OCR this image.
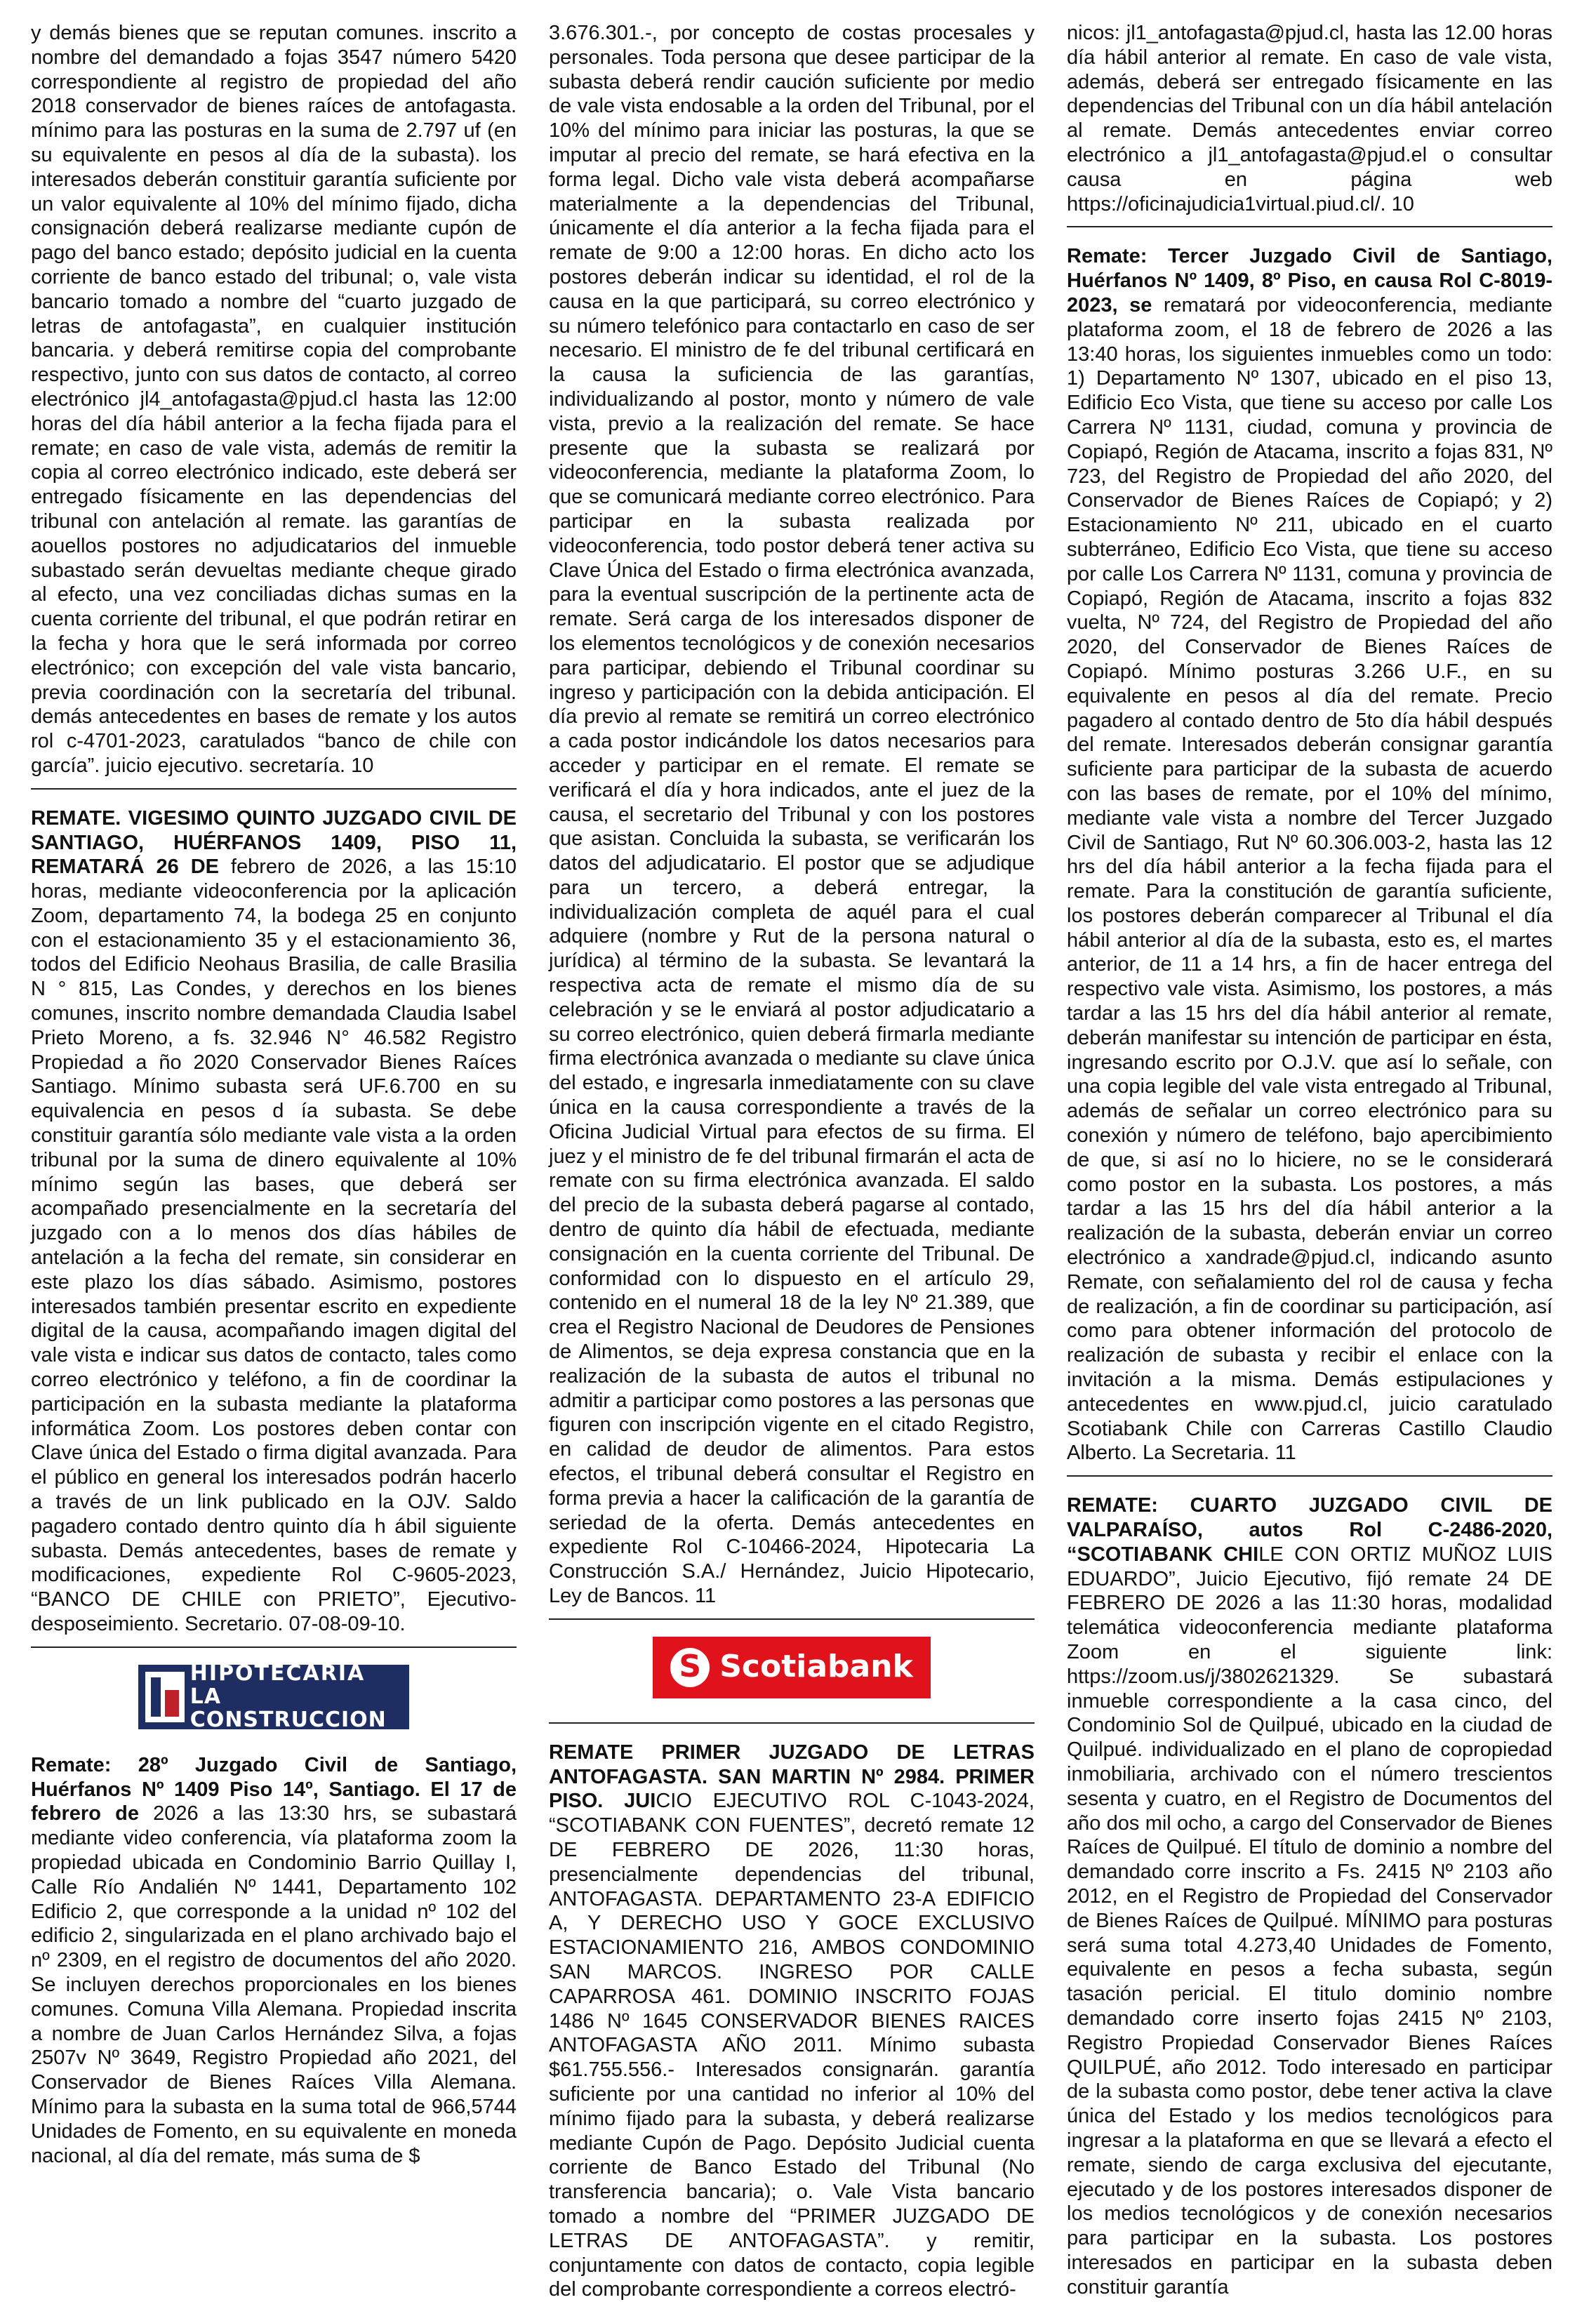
y demás bienes que se reputan comunes. inscrito a nombre del demandado a fojas 3547 número 5420 correspondiente al registro de propiedad del año 2018 conservador de bienes raíces de antofagasta. mínimo para las posturas en la suma de 2.797 uf (en su equivalente en pesos al día de la subasta). los interesados deberán constituir garantía suficiente por un valor equivalente al 10% del mínimo fijado, dicha consignación deberá realizarse mediante cupón de pago del banco estado; depósito judicial en la cuenta corriente de banco estado del tribunal; o, vale vista bancario tomado a nombre del “cuarto juzgado de letras de antofagasta”, en cualquier institución bancaria. y deberá remitirse copia del comprobante respectivo, junto con sus datos de contacto, al correo electrónico jl4_antofagasta@pjud.cl hasta las 12:00 horas del día hábil anterior a la fecha fijada para el remate; en caso de vale vista, además de remitir la copia al correo electrónico indicado, este deberá ser entregado físicamente en las dependencias del tribunal con antelación al remate. las garantías de aouellos postores no adjudicatarios del inmueble subastado serán devueltas mediante cheque girado al efecto, una vez conciliadas dichas sumas en la cuenta corriente del tribunal, el que podrán retirar en la fecha y hora que le será informada por correo electrónico; con excepción del vale vista bancario, previa coordinación con la secretaría del tribunal. demás antecedentes en bases de remate y los autos rol c-4701-2023, caratulados “banco de chile con garcía”. juicio ejecutivo. secretaría. 10

REMATE. VIGESIMO QUINTO JUZGADO CIVIL DE SANTIAGO, HUÉRFANOS 1409, PISO 11, REMATARÁ 26 DE febrero de 2026, a las 15:10 horas, mediante videoconferencia por la aplicación Zoom, departamento 74, la bodega 25 en conjunto con el estacionamiento 35 y el estacionamiento 36, todos del Edificio Neohaus Brasilia, de calle Brasilia N ° 815, Las Condes, y derechos en los bienes comunes, inscrito nombre demandada Claudia Isabel Prieto Moreno, a fs. 32.946 N° 46.582 Registro Propiedad a ño 2020 Conservador Bienes Raíces Santiago. Mínimo subasta será UF.6.700 en su equivalencia en pesos d ía subasta. Se debe constituir garantía sólo mediante vale vista a la orden tribunal por la suma de dinero equivalente al 10% mínimo según las bases, que deberá ser acompañado presencialmente en la secretaría del juzgado con a lo menos dos días hábiles de antelación a la fecha del remate, sin considerar en este plazo los días sábado. Asimismo, postores interesados también presentar escrito en expediente digital de la causa, acompañando imagen digital del vale vista e indicar sus datos de contacto, tales como correo electrónico y teléfono, a fin de coordinar la participación en la subasta mediante la plataforma informática Zoom. Los postores deben contar con Clave única del Estado o firma digital avanzada. Para el público en general los interesados podrán hacerlo a través de un link publicado en la OJV. Saldo pagadero contado dentro quinto día h ábil siguiente subasta. Demás antecedentes, bases de remate y modificaciones, expediente Rol C-9605-2023, “BANCO DE CHILE con PRIETO”, Ejecutivo-desposeimiento. Secretario. 07-08-09-10.

HIPOTECARIA
LA CONSTRUCCION

Remate: 28º Juzgado Civil de Santiago, Huérfanos Nº 1409 Piso 14º, Santiago. El 17 de febrero de 2026 a las 13:30 hrs, se subastará mediante video conferencia, vía plataforma zoom la propiedad ubicada en Condominio Barrio Quillay I, Calle Río Andalién Nº 1441, Departamento 102 Edificio 2, que corresponde a la unidad nº 102 del edificio 2, singularizada en el plano archivado bajo el nº 2309, en el registro de documentos del año 2020. Se incluyen derechos proporcionales en los bienes comunes. Comuna Villa Alemana. Propiedad inscrita a nombre de Juan Carlos Hernández Silva, a fojas 2507v Nº 3649, Registro Propiedad año 2021, del Conservador de Bienes Raíces Villa Alemana. Mínimo para la subasta en la suma total de 966,5744 Unidades de Fomento, en su equivalente en moneda nacional, al día del remate, más suma de $

3.676.301.-, por concepto de costas procesales y personales. Toda persona que desee participar de la subasta deberá rendir caución suficiente por medio de vale vista endosable a la orden del Tribunal, por el 10% del mínimo para iniciar las posturas, la que se imputar al precio del remate, se hará efectiva en la forma legal. Dicho vale vista deberá acompañarse materialmente a la dependencias del Tribunal, únicamente el día anterior a la fecha fijada para el remate de 9:00 a 12:00 horas. En dicho acto los postores deberán indicar su identidad, el rol de la causa en la que participará, su correo electrónico y su número telefónico para contactarlo en caso de ser necesario. El ministro de fe del tribunal certificará en la causa la suficiencia de las garantías, individualizando al postor, monto y número de vale vista, previo a la realización del remate. Se hace presente que la subasta se realizará por videoconferencia, mediante la plataforma Zoom, lo que se comunicará mediante correo electrónico. Para participar en la subasta realizada por videoconferencia, todo postor deberá tener activa su Clave Única del Estado o firma electrónica avanzada, para la eventual suscripción de la pertinente acta de remate. Será carga de los interesados disponer de los elementos tecnológicos y de conexión necesarios para participar, debiendo el Tribunal coordinar su ingreso y participación con la debida anticipación. El día previo al remate se remitirá un correo electrónico a cada postor indicándole los datos necesarios para acceder y participar en el remate. El remate se verificará el día y hora indicados, ante el juez de la causa, el secretario del Tribunal y con los postores que asistan. Concluida la subasta, se verificarán los datos del adjudicatario. El postor que se adjudique para un tercero, a deberá entregar, la individualización completa de aquél para el cual adquiere (nombre y Rut de la persona natural o jurídica) al término de la subasta. Se levantará la respectiva acta de remate el mismo día de su celebración y se le enviará al postor adjudicatario a su correo electrónico, quien deberá firmarla mediante firma electrónica avanzada o mediante su clave única del estado, e ingresarla inmediatamente con su clave única en la causa correspondiente a través de la Oficina Judicial Virtual para efectos de su firma. El juez y el ministro de fe del tribunal firmarán el acta de remate con su firma electrónica avanzada. El saldo del precio de la subasta deberá pagarse al contado, dentro de quinto día hábil de efectuada, mediante consignación en la cuenta corriente del Tribunal. De conformidad con lo dispuesto en el artículo 29, contenido en el numeral 18 de la ley Nº 21.389, que crea el Registro Nacional de Deudores de Pensiones de Alimentos, se deja expresa constancia que en la realización de la subasta de autos el tribunal no admitir a participar como postores a las personas que figuren con inscripción vigente en el citado Registro, en calidad de deudor de alimentos. Para estos efectos, el tribunal deberá consultar el Registro en forma previa a hacer la calificación de la garantía de seriedad de la oferta. Demás antecedentes en expediente Rol C-10466-2024, Hipotecaria La Construcción S.A./ Hernández, Juicio Hipotecario, Ley de Bancos. 11

S Scotiabank

REMATE PRIMER JUZGADO DE LETRAS ANTOFAGASTA. SAN MARTIN Nº 2984. PRIMER PISO. JUICIO EJECUTIVO ROL C-1043-2024, “SCOTIABANK CON FUENTES”, decretó remate 12 DE FEBRERO DE 2026, 11:30 horas, presencialmente dependencias del tribunal, ANTOFAGASTA. DEPARTAMENTO 23-A EDIFICIO A, Y DERECHO USO Y GOCE EXCLUSIVO ESTACIONAMIENTO 216, AMBOS CONDOMINIO SAN MARCOS. INGRESO POR CALLE CAPARROSA 461. DOMINIO INSCRITO FOJAS 1486 Nº 1645 CONSERVADOR BIENES RAICES ANTOFAGASTA AÑO 2011. Mínimo subasta $61.755.556.- Interesados consignarán. garantía suficiente por una cantidad no inferior al 10% del mínimo fijado para la subasta, y deberá realizarse mediante Cupón de Pago. Depósito Judicial cuenta corriente de Banco Estado del Tribunal (No transferencia bancaria); o. Vale Vista bancario tomado a nombre del “PRIMER JUZGADO DE LETRAS DE ANTOFAGASTA”. y remitir, conjuntamente con datos de contacto, copia legible del comprobante correspondiente a correos electró-

nicos: jl1_antofagasta@pjud.cl, hasta las 12.00 horas día hábil anterior al remate. En caso de vale vista, además, deberá ser entregado físicamente en las dependencias del Tribunal con un día hábil antelación al remate. Demás antecedentes enviar correo electrónico a jl1_antofagasta@pjud.el o consultar causa en página web https://oficinajudicia1virtual.piud.cl/. 10

Remate: Tercer Juzgado Civil de Santiago, Huérfanos Nº 1409, 8º Piso, en causa Rol C-8019-2023, se rematará por videoconferencia, mediante plataforma zoom, el 18 de febrero de 2026 a las 13:40 horas, los siguientes inmuebles como un todo: 1) Departamento Nº 1307, ubicado en el piso 13, Edificio Eco Vista, que tiene su acceso por calle Los Carrera Nº 1131, ciudad, comuna y provincia de Copiapó, Región de Atacama, inscrito a fojas 831, Nº 723, del Registro de Propiedad del año 2020, del Conservador de Bienes Raíces de Copiapó; y 2) Estacionamiento Nº 211, ubicado en el cuarto subterráneo, Edificio Eco Vista, que tiene su acceso por calle Los Carrera Nº 1131, comuna y provincia de Copiapó, Región de Atacama, inscrito a fojas 832 vuelta, Nº 724, del Registro de Propiedad del año 2020, del Conservador de Bienes Raíces de Copiapó. Mínimo posturas 3.266 U.F., en su equivalente en pesos al día del remate. Precio pagadero al contado dentro de 5to día hábil después del remate. Interesados deberán consignar garantía suficiente para participar de la subasta de acuerdo con las bases de remate, por el 10% del mínimo, mediante vale vista a nombre del Tercer Juzgado Civil de Santiago, Rut Nº 60.306.003-2, hasta las 12 hrs del día hábil anterior a la fecha fijada para el remate. Para la constitución de garantía suficiente, los postores deberán comparecer al Tribunal el día hábil anterior al día de la subasta, esto es, el martes anterior, de 11 a 14 hrs, a fin de hacer entrega del respectivo vale vista. Asimismo, los postores, a más tardar a las 15 hrs del día hábil anterior al remate, deberán manifestar su intención de participar en ésta, ingresando escrito por O.J.V. que así lo señale, con una copia legible del vale vista entregado al Tribunal, además de señalar un correo electrónico para su conexión y número de teléfono, bajo apercibimiento de que, si así no lo hiciere, no se le considerará como postor en la subasta. Los postores, a más tardar a las 15 hrs del día hábil anterior a la realización de la subasta, deberán enviar un correo electrónico a xandrade@pjud.cl, indicando asunto Remate, con señalamiento del rol de causa y fecha de realización, a fin de coordinar su participación, así como para obtener información del protocolo de realización de subasta y recibir el enlace con la invitación a la misma. Demás estipulaciones y antecedentes en www.pjud.cl, juicio caratulado Scotiabank Chile con Carreras Castillo Claudio Alberto. La Secretaria. 11

REMATE: CUARTO JUZGADO CIVIL DE VALPARAÍSO, autos Rol C-2486-2020, “SCOTIABANK CHILE CON ORTIZ MUÑOZ LUIS EDUARDO”, Juicio Ejecutivo, fijó remate 24 DE FEBRERO DE 2026 a las 11:30 horas, modalidad telemática videoconferencia mediante plataforma Zoom en el siguiente link: https://zoom.us/j/3802621329. Se subastará inmueble correspondiente a la casa cinco, del Condominio Sol de Quilpué, ubicado en la ciudad de Quilpué. individualizado en el plano de copropiedad inmobiliaria, archivado con el número trescientos sesenta y cuatro, en el Registro de Documentos del año dos mil ocho, a cargo del Conservador de Bienes Raíces de Quilpué. El título de dominio a nombre del demandado corre inscrito a Fs. 2415 Nº 2103 año 2012, en el Registro de Propiedad del Conservador de Bienes Raíces de Quilpué. MÍNIMO para posturas será suma total 4.273,40 Unidades de Fomento, equivalente en pesos a fecha subasta, según tasación pericial. El titulo dominio nombre demandado corre inserto fojas 2415 Nº 2103, Registro Propiedad Conservador Bienes Raíces QUILPUÉ, año 2012. Todo interesado en participar de la subasta como postor, debe tener activa la clave única del Estado y los medios tecnológicos para ingresar a la plataforma en que se llevará a efecto el remate, siendo de carga exclusiva del ejecutante, ejecutado y de los postores interesados disponer de los medios tecnológicos y de conexión necesarios para participar en la subasta. Los postores interesados en participar en la subasta deben constituir garantía
